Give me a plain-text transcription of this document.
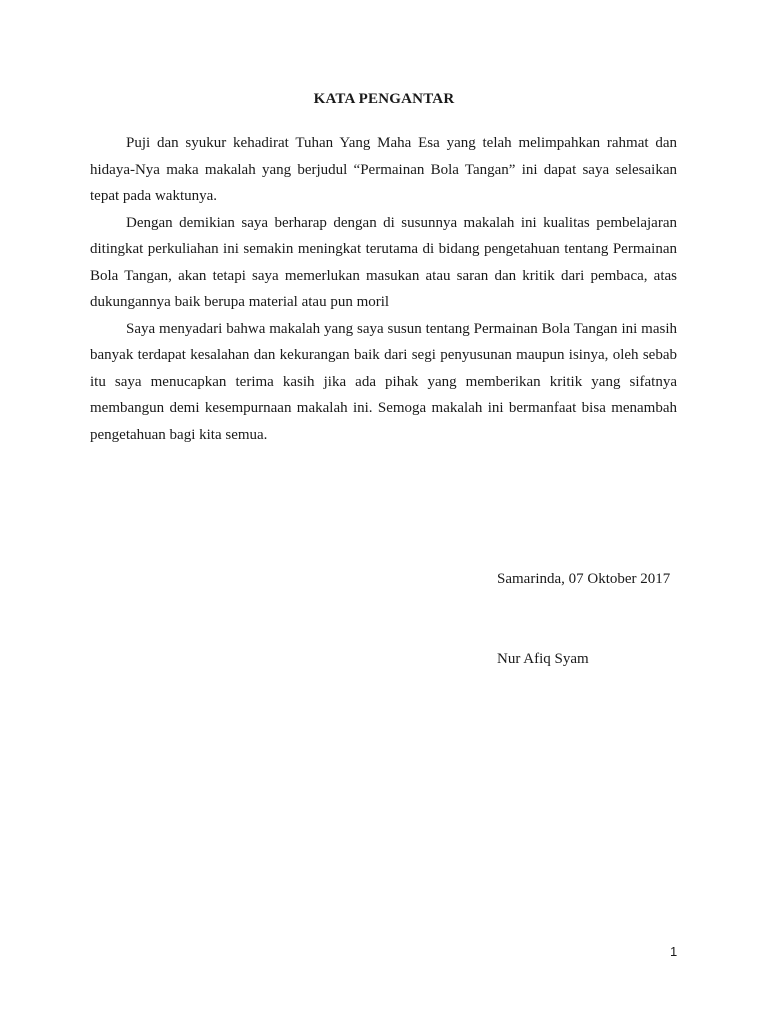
KATA PENGANTAR

Puji dan syukur kehadirat Tuhan Yang Maha Esa yang telah melimpahkan rahmat dan hidaya-Nya maka makalah yang berjudul “Permainan Bola Tangan” ini dapat saya selesaikan tepat pada waktunya.

Dengan demikian saya berharap dengan di susunnya makalah ini kualitas pembelajaran ditingkat perkuliahan ini semakin meningkat terutama di bidang pengetahuan tentang Permainan Bola Tangan, akan tetapi saya memerlukan masukan atau saran dan kritik dari pembaca, atas dukungannya baik berupa material atau pun moril

Saya menyadari bahwa makalah yang saya susun tentang Permainan Bola Tangan ini masih banyak terdapat kesalahan dan kekurangan baik dari segi penyusunan maupun isinya, oleh sebab itu saya menucapkan terima kasih jika ada pihak yang memberikan kritik yang sifatnya membangun demi kesempurnaan makalah ini. Semoga makalah ini bermanfaat bisa menambah pengetahuan bagi kita semua.

Samarinda, 07 Oktober 2017
Nur Afiq Syam
1
